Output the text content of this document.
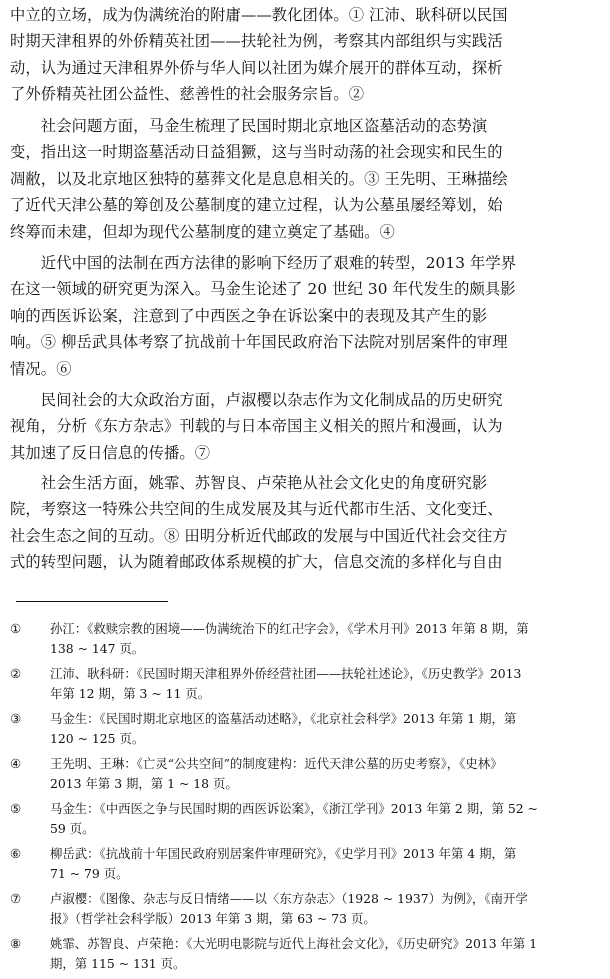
中立的立场，成为伪满统治的附庸——教化团体。① 江沛、耿科研以民国
时期天津租界的外侨精英社团——扶轮社为例，考察其内部组织与实践活
动，认为通过天津租界外侨与华人间以社团为媒介展开的群体互动，探析
了外侨精英社团公益性、慈善性的社会服务宗旨。②

　　社会问题方面，马金生梳理了民国时期北京地区盗墓活动的态势演
变，指出这一时期盗墓活动日益猖獗，这与当时动荡的社会现实和民生的
凋敝，以及北京地区独特的墓葬文化是息息相关的。③ 王先明、王琳描绘
了近代天津公墓的筹创及公墓制度的建立过程，认为公墓虽屡经筹划，始
终筹而未建，但却为现代公墓制度的建立奠定了基础。④

　　近代中国的法制在西方法律的影响下经历了艰难的转型，2013 年学界
在这一领域的研究更为深入。马金生论述了 20 世纪 30 年代发生的颇具影
响的西医诉讼案，注意到了中西医之争在诉讼案中的表现及其产生的影
响。⑤ 柳岳武具体考察了抗战前十年国民政府治下法院对别居案件的审理
情况。⑥

　　民间社会的大众政治方面，卢淑樱以杂志作为文化制成品的历史研究
视角，分析《东方杂志》刊载的与日本帝国主义相关的照片和漫画，认为
其加速了反日信息的传播。⑦

　　社会生活方面，姚霏、苏智良、卢荣艳从社会文化史的角度研究影
院，考察这一特殊公共空间的生成发展及其与近代都市生活、文化变迁、
社会生态之间的互动。⑧ 田明分析近代邮政的发展与中国近代社会交往方
式的转型问题，认为随着邮政体系规模的扩大，信息交流的多样化与自由

①	孙江：《救赎宗教的困境——伪满统治下的红卍字会》，《学术月刊》2013 年第 8 期，第
138 ~ 147 页。
②	江沛、耿科研：《民国时期天津租界外侨经营社团——扶轮社述论》，《历史教学》2013
年第 12 期，第 3 ~ 11 页。
③	马金生：《民国时期北京地区的盗墓活动述略》，《北京社会科学》2013 年第 1 期，第
120 ~ 125 页。
④	王先明、王琳：《亡灵“公共空间”的制度建构：近代天津公墓的历史考察》，《史林》
2013 年第 3 期，第 1 ~ 18 页。
⑤	马金生：《中西医之争与民国时期的西医诉讼案》，《浙江学刊》2013 年第 2 期，第 52 ~
59 页。
⑥	柳岳武：《抗战前十年国民政府别居案件审理研究》，《史学月刊》2013 年第 4 期，第
71 ~ 79 页。
⑦	卢淑樱：《图像、杂志与反日情绪——以〈东方杂志〉（1928 ~ 1937）为例》，《南开学
报》（哲学社会科学版）2013 年第 3 期，第 63 ~ 73 页。
⑧	姚霏、苏智良、卢荣艳：《大光明电影院与近代上海社会文化》，《历史研究》2013 年第 1
期，第 115 ~ 131 页。
